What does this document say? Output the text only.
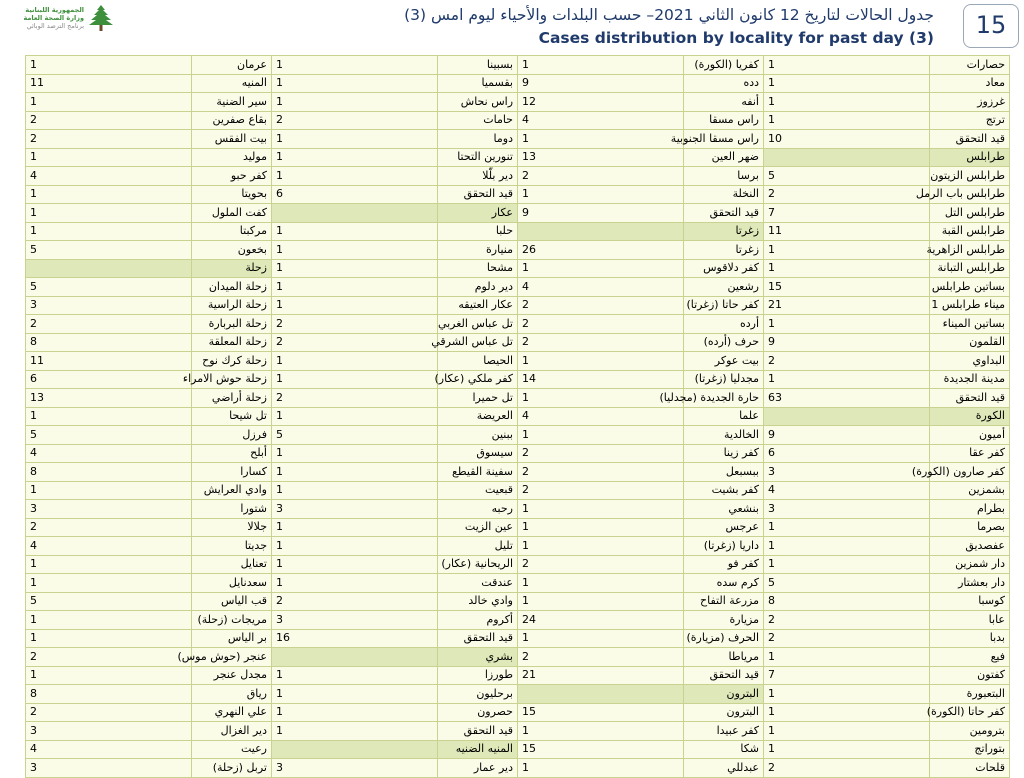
الجمهورية اللبنانية
وزارة الصحة العامة
برنامج الترصد الوبائي
جدول الحالات لتاريخ 12 كانون الثاني 2021– حسب البلدات والأحياء ليوم امس (3)
Cases distribution by locality for past day (3)	15
حصارات	1	كفريا (الكورة)	1	بسبينا	1	عرمان	1
معاد	1	دده	9	بقسميا	1	المنيه	11
غرزوز	1	أنفه	12	راس نحاش	1	سير الضنية	1
ترتج	1	راس مسقا	4	حامات	2	بقاع صفرين	2
قيد التحقق	10	راس مسقا الجنوبية	1	دوما	1	بيت الفقس	2
طرابلس		ضهر العين	13	تنورين التحتا	1	موليد	1
طرابلس الزيتون	5	برسا	2	دير بلّلا	1	كفر حبو	4
طرابلس باب الرمل	2	النخلة	1	قيد التحقق	6	بحويتا	1
طرابلس التل	7	قيد التحقق	9	عكار		كفت الملول	1
طرابلس القبة	11	زغرتا		حلبا	1	مركبتا	1
طرابلس الزاهرية	1	زغرتا	26	منيارة	1	بخعون	5
طرابلس التبانة	1	كفر دلاقوس	1	مشحا	1	زحلة	
بساتين طرابلس	15	رشعين	4	دير دلوم	1	زحلة الميدان	5
ميناء طرابلس 1	21	كفر حاتا (زغرتا)	2	عكار العتيقه	1	زحلة الراسية	3
بساتين الميناء	1	أرده	2	تل عباس الغربي	2	زحلة البربارة	2
القلمون	9	حرف (أرده)	2	تل عباس الشرقي	2	زحلة المعلقة	8
البداوي	2	بيت عوكر	1	الحيصا	1	زحلة كرك نوح	11
مدينة الجديدة	1	مجدليا (زغرتا)	14	كفر ملكي (عكار)	1	زحلة حوش الامراء	6
قيد التحقق	63	حارة الجديدة (مجدليا)	1	تل حميرا	2	زحلة أراضي	13
الكورة		علما	4	العريضة	1	تل شيحا	1
أميون	9	الخالدية	1	ببنين	5	فرزل	5
كفر عقا	6	كفر زينا	2	سيسوق	1	أبلح	4
كفر صارون (الكورة)	3	ببسبعل	2	سفينة القيطع	1	كسارا	8
بشمزين	4	كفر بشيت	2	قبعيت	1	وادي العرايش	1
بطرام	3	بنشعي	1	رحبه	3	شتورا	3
بصرما	1	عرجس	1	عين الزيت	1	جلالا	2
عفصديق	1	داريا (زغرتا)	1	تليل	1	جديتا	4
دار شمزين	1	كفر فو	2	الريحانية (عكار)	1	تعنايل	1
دار بعشتار	5	كرم سده	1	عندقت	1	سعدنايل	1
كوسبا	8	مزرعة التفاح	1	وادي خالد	2	قب الياس	5
عابا	2	مزيارة	24	أكروم	3	مريجات (زحلة)	1
بدبا	2	الحرف (مزيارة)	1	قيد التحقق	16	بر الياس	1
فيع	1	مرياطا	2	بشري		عنجر (حوش موس)	2
كفتون	7	قيد التحقق	21	طورزا	1	مجدل عنجر	1
البتعبورة	1	البترون		برحليون	1	رياق	8
كفر حاتا (الكورة)	1	البترون	15	حصرون	1	علي النهري	2
بترومين	1	كفر عبيدا	1	قيد التحقق	1	دير الغزال	3
بتوراتج	1	شكا	15	المنيه الضنيه		رعيت	4
قلحات	2	عبدللي	1	دير عمار	3	تربل (زحلة)	3
